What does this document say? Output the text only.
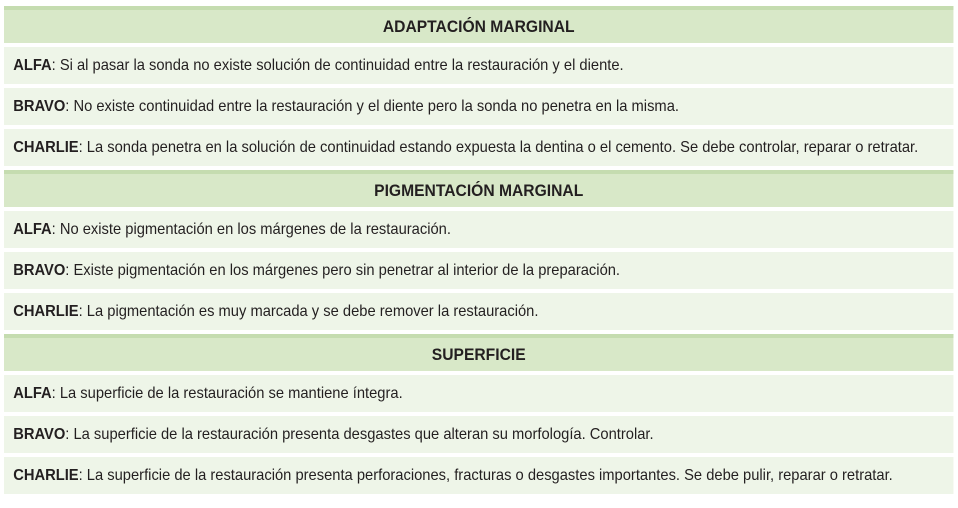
ADAPTACIÓN MARGINAL
ALFA : Si al pasar la sonda no existe solución de continuidad entre la restauración y el diente.
BRAVO : No existe continuidad entre la restauración y el diente pero la sonda no penetra en la misma.
CHARLIE : La sonda penetra en la solución de continuidad estando expuesta la dentina o el cemento. Se debe controlar, reparar o retratar.
PIGMENTACIÓN MARGINAL
ALFA : No existe pigmentación en los márgenes de la restauración.
BRAVO : Existe pigmentación en los márgenes pero sin penetrar al interior de la preparación.
CHARLIE : La pigmentación es muy marcada y se debe remover la restauración.
SUPERFICIE
ALFA : La superficie de la restauración se mantiene íntegra.
BRAVO : La superficie de la restauración presenta desgastes que alteran su morfología. Controlar.
CHARLIE : La superficie de la restauración presenta perforaciones, fracturas o desgastes importantes. Se debe pulir, reparar o retratar.
